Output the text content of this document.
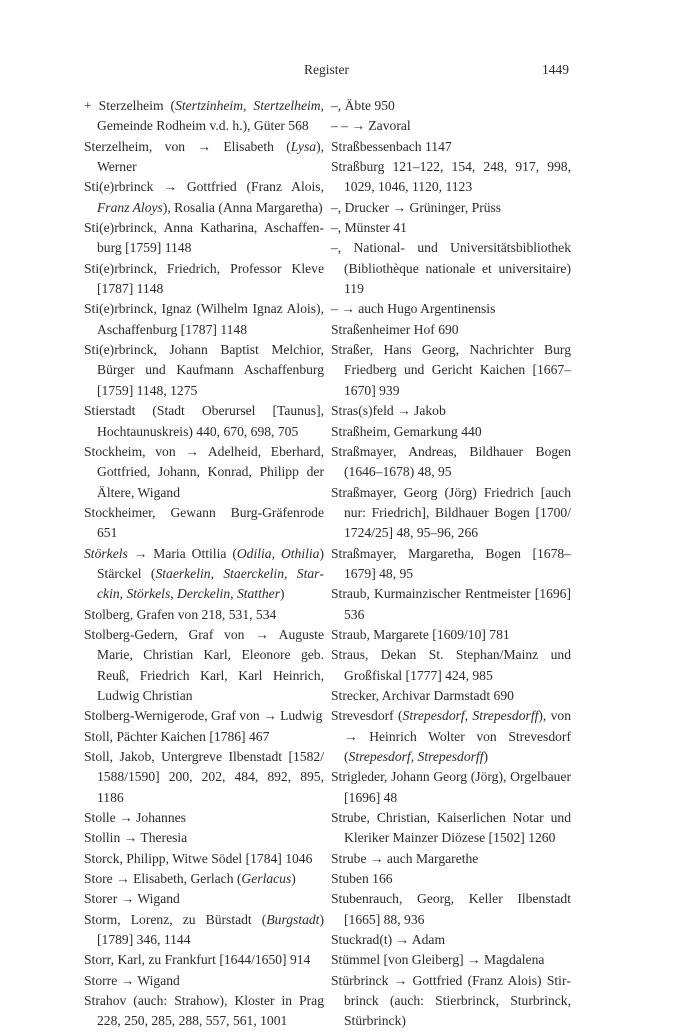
Register	1449

+ Sterzelheim (Stertzinheim, Stertzelheim, Gemeinde Rodheim v.d. h.), Güter 568

Sterzelheim, von → Elisabeth (Lysa), Werner

Sti(e)rbrinck → Gottfried (Franz Alois, Franz Aloys), Rosalia (Anna Margaretha)

Sti(e)rbrinck, Anna Katharina, Aschaffenburg [1759] 1148

Sti(e)rbrinck, Friedrich, Professor Kleve [1787] 1148

Sti(e)rbrinck, Ignaz (Wilhelm Ignaz Alois), Aschaffenburg [1787] 1148

Sti(e)rbrinck, Johann Baptist Melchior, Bürger und Kaufmann Aschaffenburg [1759] 1148, 1275

Stierstadt (Stadt Oberursel [Taunus], Hochtaunuskreis) 440, 670, 698, 705

Stockheim, von → Adelheid, Eberhard, Gottfried, Johann, Konrad, Philipp der Ältere, Wigand

Stockheimer, Gewann Burg-Gräfenrode 651

Störkels → Maria Ottilia (Odilia, Othilia) Stärckel (Staerkelin, Staerckelin, Starckin, Störkels, Derckelin, Statther)

Stolberg, Grafen von 218, 531, 534

Stolberg-Gedern, Graf von → Auguste Marie, Christian Karl, Eleonore geb. Reuß, Friedrich Karl, Karl Heinrich, Ludwig Christian

Stolberg-Wernigerode, Graf von → Ludwig

Stoll, Pächter Kaichen [1786] 467

Stoll, Jakob, Untergreve Ilbenstadt [1582/ 1588/1590] 200, 202, 484, 892, 895, 1186

Stolle → Johannes

Stollin → Theresia

Storck, Philipp, Witwe Södel [1784] 1046

Store → Elisabeth, Gerlach (Gerlacus)

Storer → Wigand

Storm, Lorenz, zu Bürstadt (Burgstadt) [1789] 346, 1144

Storr, Karl, zu Frankfurt [1644/1650] 914

Storre → Wigand

Strahov (auch: Strahow), Kloster in Prag 228, 250, 285, 288, 557, 561, 1001

–, Äbte 950

– – → Zavoral

Straßbessenbach 1147

Straßburg 121–122, 154, 248, 917, 998, 1029, 1046, 1120, 1123

–, Drucker → Grüninger, Prüss

–, Münster 41

–, National- und Universitätsbibliothek (Bibliothèque nationale et universitaire) 119

– → auch Hugo Argentinensis

Straßenheimer Hof 690

Straßer, Hans Georg, Nachrichter Burg Friedberg und Gericht Kaichen [1667–1670] 939

Stras(s)feld → Jakob

Straßheim, Gemarkung 440

Straßmayer, Andreas, Bildhauer Bogen (1646–1678) 48, 95

Straßmayer, Georg (Jörg) Friedrich [auch nur: Friedrich], Bildhauer Bogen [1700/ 1724/25] 48, 95–96, 266

Straßmayer, Margaretha, Bogen [1678–1679] 48, 95

Straub, Kurmainzischer Rentmeister [1696] 536

Straub, Margarete [1609/10] 781

Straus, Dekan St. Stephan/Mainz und Großfiskal [1777] 424, 985

Strecker, Archivar Darmstadt 690

Strevesdorf (Strepesdorf, Strepesdorff), von → Heinrich Wolter von Strevesdorf (Strepesdorf, Strepesdorff)

Strigleder, Johann Georg (Jörg), Orgelbauer [1696] 48

Strube, Christian, Kaiserlichen Notar und Kleriker Mainzer Diözese [1502] 1260

Strube → auch Margarethe

Stuben 166

Stubenrauch, Georg, Keller Ilbenstadt [1665] 88, 936

Stuckrad(t) → Adam

Stümmel [von Gleiberg] → Magdalena

Stürbrinck → Gottfried (Franz Alois) Stirbrinck (auch: Stierbrinck, Sturbrinck, Stürbrinck)
